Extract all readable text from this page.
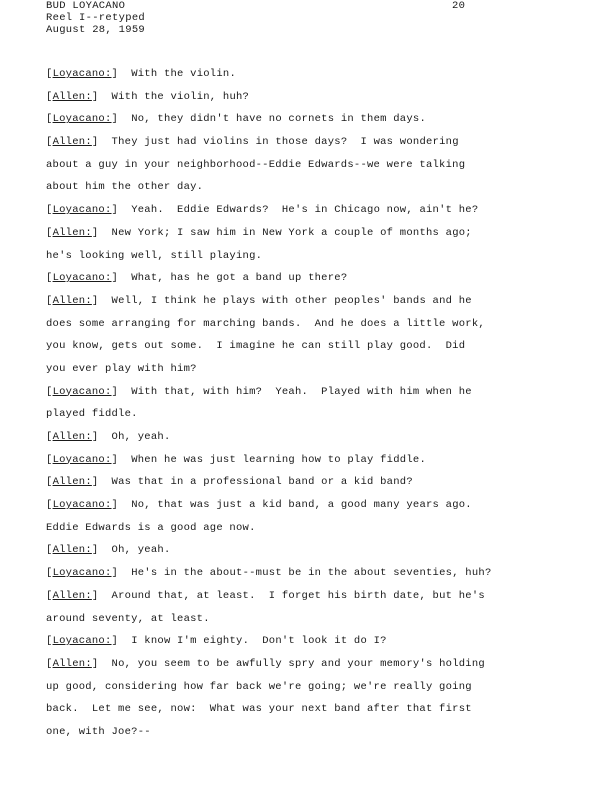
BUD LOYACANO
Reel I--retyped
August 28, 1959
20
[Loyacano:]  With the violin.
[Allen:]  With the violin, huh?
[Loyacano:]  No, they didn't have no cornets in them days.
[Allen:]  They just had violins in those days?  I was wondering
about a guy in your neighborhood--Eddie Edwards--we were talking
about him the other day.
[Loyacano:]  Yeah.  Eddie Edwards?  He's in Chicago now, ain't he?
[Allen:]  New York; I saw him in New York a couple of months ago;
he's looking well, still playing.
[Loyacano:]  What, has he got a band up there?
[Allen:]  Well, I think he plays with other peoples' bands and he
does some arranging for marching bands.  And he does a little work,
you know, gets out some.  I imagine he can still play good.  Did
you ever play with him?
[Loyacano:]  With that, with him?  Yeah.  Played with him when he
played fiddle.
[Allen:]  Oh, yeah.
[Loyacano:]  When he was just learning how to play fiddle.
[Allen:]  Was that in a professional band or a kid band?
[Loyacano:]  No, that was just a kid band, a good many years ago.
Eddie Edwards is a good age now.
[Allen:]  Oh, yeah.
[Loyacano:]  He's in the about--must be in the about seventies, huh?
[Allen:]  Around that, at least.  I forget his birth date, but he's
around seventy, at least.
[Loyacano:]  I know I'm eighty.  Don't look it do I?
[Allen:]  No, you seem to be awfully spry and your memory's holding
up good, considering how far back we're going; we're really going
back.  Let me see, now:  What was your next band after that first
one, with Joe?--
